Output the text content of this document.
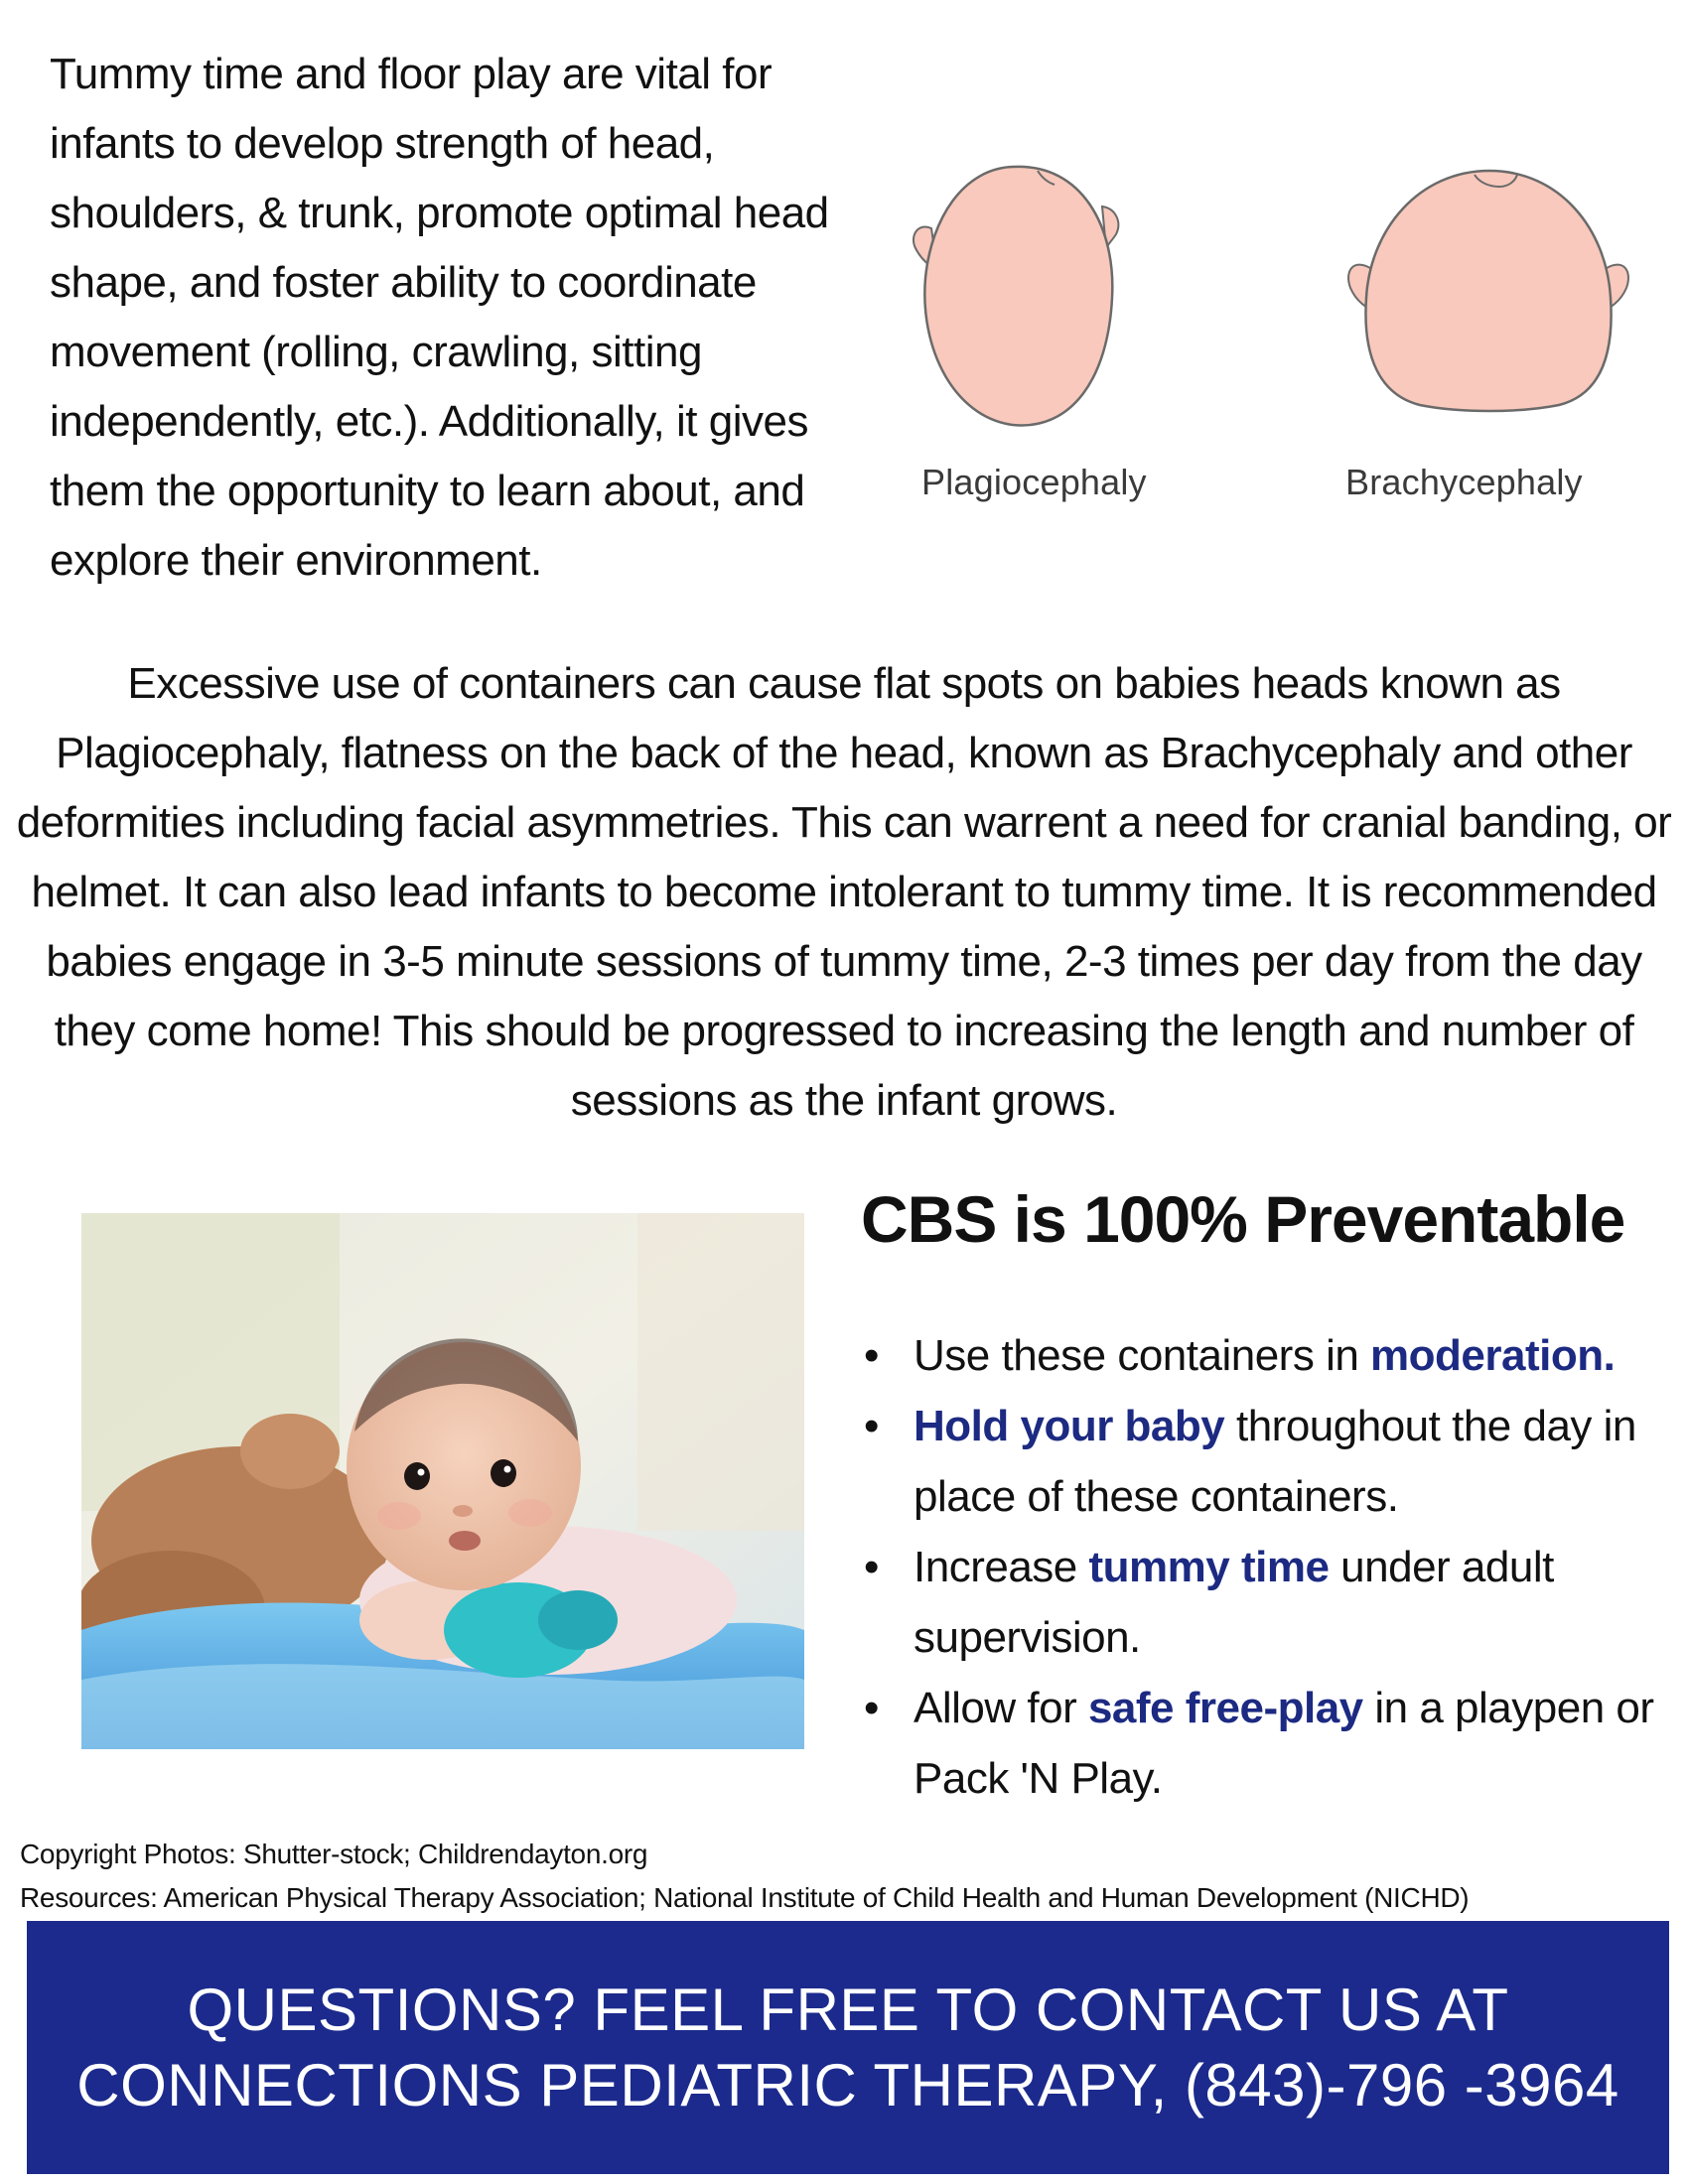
Tummy time and floor play are vital for infants to develop strength of head, shoulders, & trunk, promote optimal head shape, and foster ability to coordinate movement (rolling, crawling, sitting independently, etc.). Additionally, it gives them the opportunity to learn about, and explore their environment.

Plagiocephaly	Brachycephaly

Excessive use of containers can cause flat spots on babies heads known as Plagiocephaly, flatness on the back of the head, known as Brachycephaly and other deformities including facial asymmetries. This can warrent a need for cranial banding, or helmet. It can also lead infants to become intolerant to tummy time. It is recommended babies engage in 3-5 minute sessions of tummy time, 2-3 times per day from the day they come home! This should be progressed to increasing the length and number of sessions as the infant grows.

CBS is 100% Preventable
• Use these containers in moderation.
• Hold your baby throughout the day in place of these containers.
• Increase tummy time under adult supervision.
• Allow for safe free-play in a playpen or Pack 'N Play.
Copyright Photos: Shutter-stock; Childrendayton.org
Resources: American Physical Therapy Association; National Institute of Child Health and Human Development (NICHD)
QUESTIONS? FEEL FREE TO CONTACT US AT
CONNECTIONS PEDIATRIC THERAPY, (843)-796 -3964
